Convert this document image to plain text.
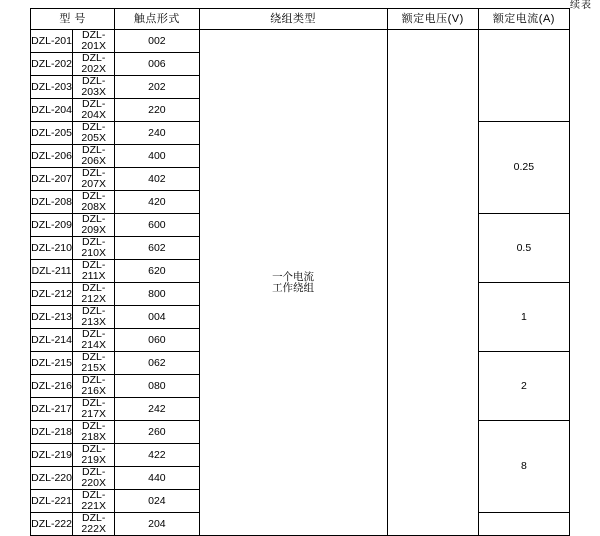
续表
型 号		触点形式	绕组类型	额定电压(V)	额定电流(A)
DZL-201	DZL-201X	002	一个电流
工作绕组		

DZL-202	DZL-202X	006			
DZL-203	DZL-203X	202			
DZL-204	DZL-204X	220			
DZL-205	DZL-205X	240			0.25
DZL-206	DZL-206X	400			
DZL-207	DZL-207X	402			
DZL-208	DZL-208X	420			
DZL-209	DZL-209X	600			0.5
DZL-210	DZL-210X	602			
DZL-211	DZL-211X	620			
DZL-212	DZL-212X	800			1
DZL-213	DZL-213X	004			
DZL-214	DZL-214X	060			
DZL-215	DZL-215X	062			2
DZL-216	DZL-216X	080			
DZL-217	DZL-217X	242			
DZL-218	DZL-218X	260			8
DZL-219	DZL-219X	422			
DZL-220	DZL-220X	440			
DZL-221	DZL-221X	024			
DZL-222	DZL-222X	204			
